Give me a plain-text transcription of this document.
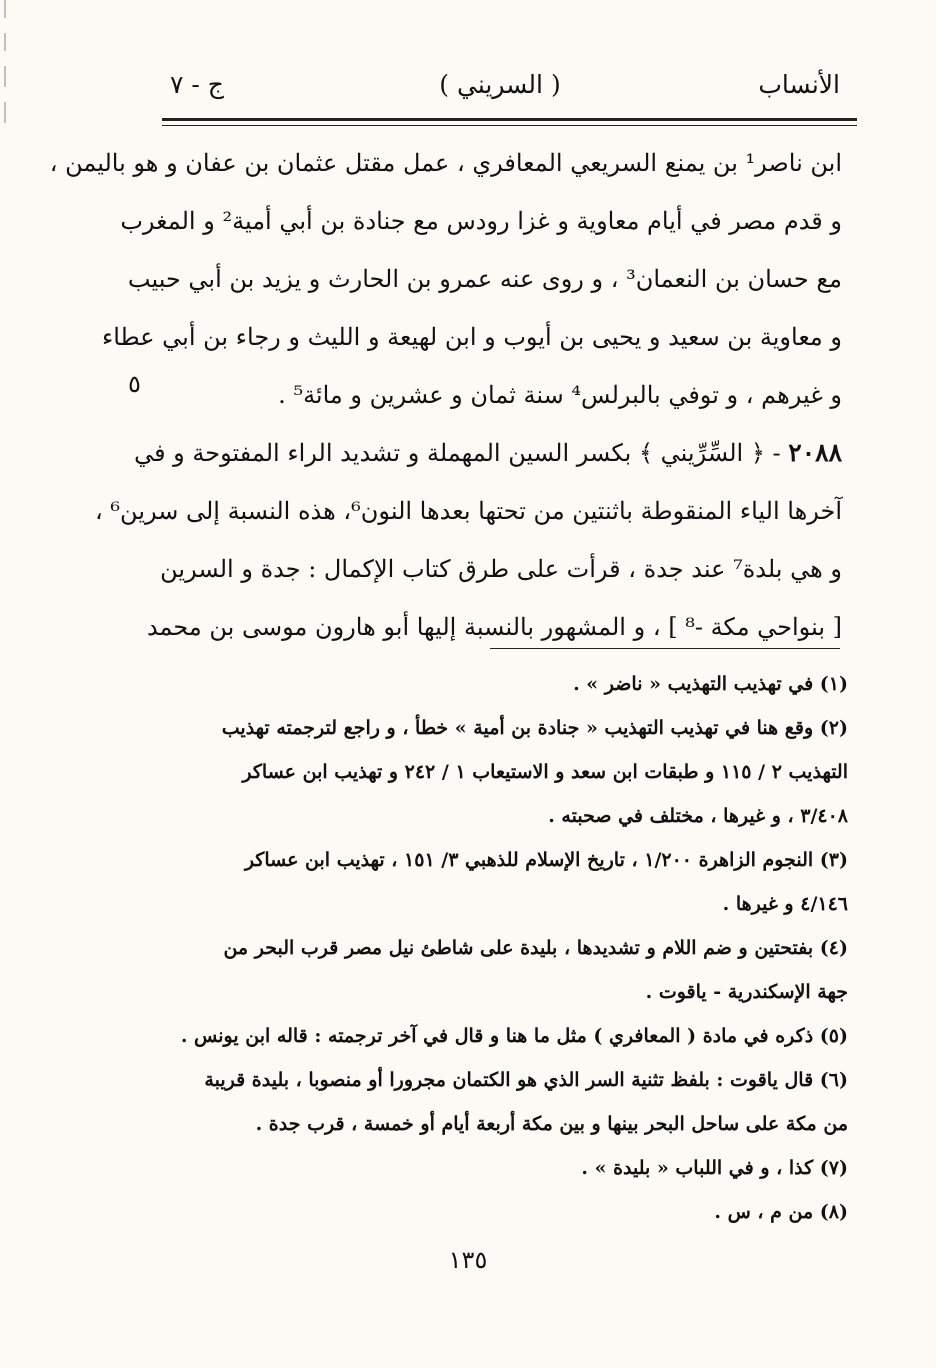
الأنساب
( السريني )
ج - ٧
٥
ابن ناصر¹ بن يمنع السريعي المعافري ، عمل مقتل عثمان بن عفان و هو باليمن ،
و قدم مصر في أيام معاوية و غزا رودس مع جنادة بن أبي أمية² و المغرب
مع حسان بن النعمان³ ، و روى عنه عمرو بن الحارث و يزيد بن أبي حبيب
و معاوية بن سعيد و يحيى بن أيوب و ابن لهيعة و الليث و رجاء بن أبي عطاء
و غيرهم ، و توفي بالبرلس⁴ سنة ثمان و عشرين و مائة⁵ .
٢٠٨٨ - ﴿ السِّرِّيني ﴾ بكسر السين المهملة و تشديد الراء المفتوحة و في
آخرها الياء المنقوطة باثنتين من تحتها بعدها النون⁶، هذه النسبة إلى سرين⁶ ،
و هي بلدة⁷ عند جدة ، قرأت على طرق كتاب الإكمال : جدة و السرين
[ بنواحي مكة -⁸ ] ، و المشهور بالنسبة إليها أبو هارون موسى بن محمد
(١) في تهذيب التهذيب « ناضر » .
(٢) وقع هنا في تهذيب التهذيب « جنادة بن أمية » خطأ ، و راجع لترجمته تهذيب
التهذيب ٢ / ١١٥ و طبقات ابن سعد و الاستيعاب ١ / ٢٤٢ و تهذيب ابن عساكر
٣/٤٠٨ ، و غيرها ، مختلف في صحبته .
(٣) النجوم الزاهرة ١/٢٠٠ ، تاريخ الإسلام للذهبي ٣/ ١٥١ ، تهذيب ابن عساكر
٤/١٤٦ و غيرها .
(٤) بفتحتين و ضم اللام و تشديدها ، بليدة على شاطئ نيل مصر قرب البحر من
جهة الإسكندرية - ياقوت .
(٥) ذكره في مادة ( المعافري ) مثل ما هنا و قال في آخر ترجمته : قاله ابن يونس .
(٦) قال ياقوت : بلفظ تثنية السر الذي هو الكتمان مجرورا أو منصوبا ، بليدة قريبة
من مكة على ساحل البحر بينها و بين مكة أربعة أيام أو خمسة ، قرب جدة .
(٧) كذا ، و في اللباب « بليدة » .
(٨) من م ، س .
١٣٥
